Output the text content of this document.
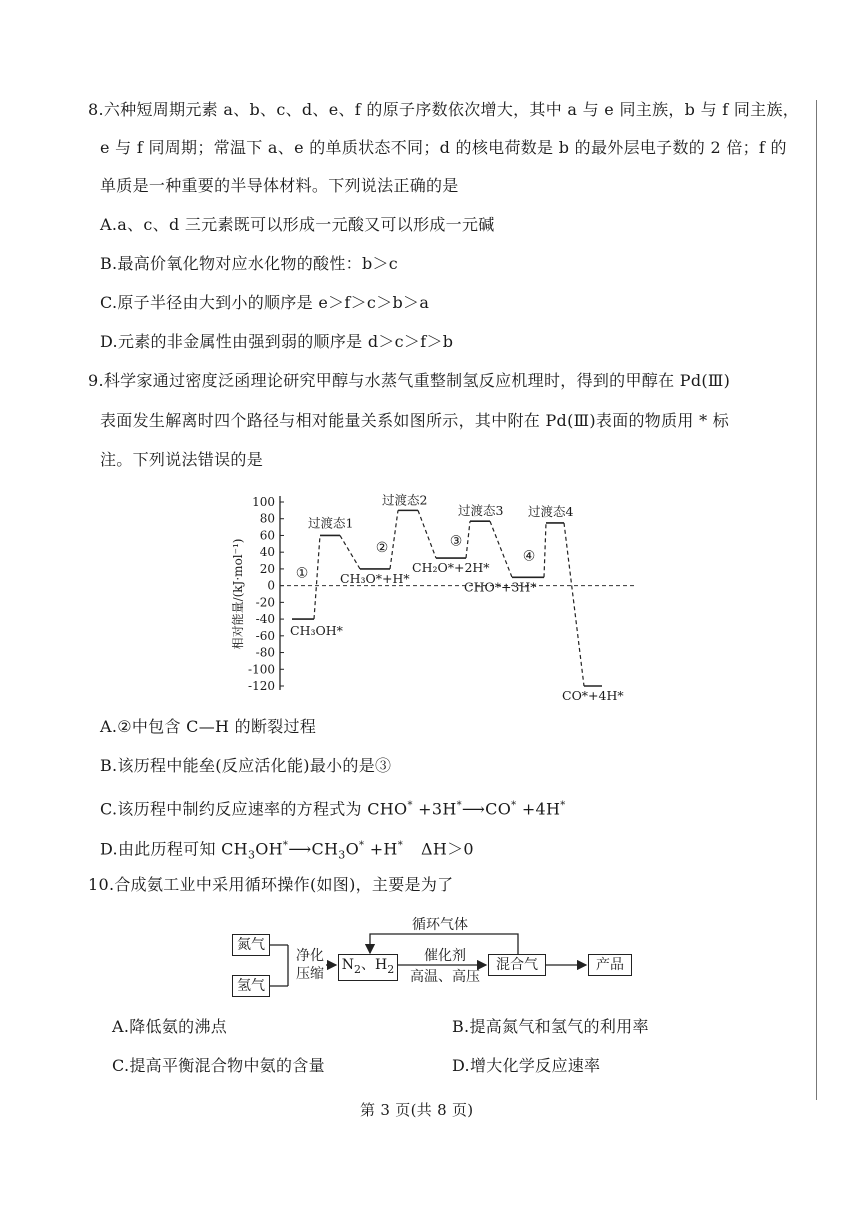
8.六种短周期元素 a、b、c、d、e、f 的原子序数依次增大，其中 a 与 e 同主族，b 与 f 同主族，
e 与 f 同周期；常温下 a、e 的单质状态不同；d 的核电荷数是 b 的最外层电子数的 2 倍；f 的
单质是一种重要的半导体材料。下列说法正确的是
A.a、c、d 三元素既可以形成一元酸又可以形成一元碱
B.最高价氧化物对应水化物的酸性：b＞c
C.原子半径由大到小的顺序是 e＞f＞c＞b＞a
D.元素的非金属性由强到弱的顺序是 d＞c＞f＞b
9.科学家通过密度泛函理论研究甲醇与水蒸气重整制氢反应机理时，得到的甲醇在 Pd(Ⅲ)
表面发生解离时四个路径与相对能量关系如图所示，其中附在 Pd(Ⅲ)表面的物质用 * 标
注。下列说法错误的是
100
80
60
40
20
0
-20
-40
-60
-80
-100
-120
相对能量/(kJ·mol⁻¹)	CH₃OH*
过渡态1
CH₃O*+H*
过渡态2
CH₂O*+2H*
过渡态3
CHO*+3H*
过渡态4
CO*+4H*
①
②	③
④
A.②中包含 C—H 的断裂过程
B.该历程中能垒(反应活化能)最小的是③
C.该历程中制约反应速率的方程式为 CHO* +3H*⟶CO* +4H*
D.由此历程可知 $CH_3OH^*⟶CH_3O^* +H^*$ ΔH＞0
10.合成氨工业中采用循环操作(如图)，主要是为了
氮气
氢气
净化
压缩
$N_2$、$H_2$
催化剂
高温、高压
混合气	产品
循环气体
A.降低氨的沸点	B.提高氮气和氢气的利用率
C.提高平衡混合物中氨的含量	D.增大化学反应速率
第 3 页(共 8 页)
